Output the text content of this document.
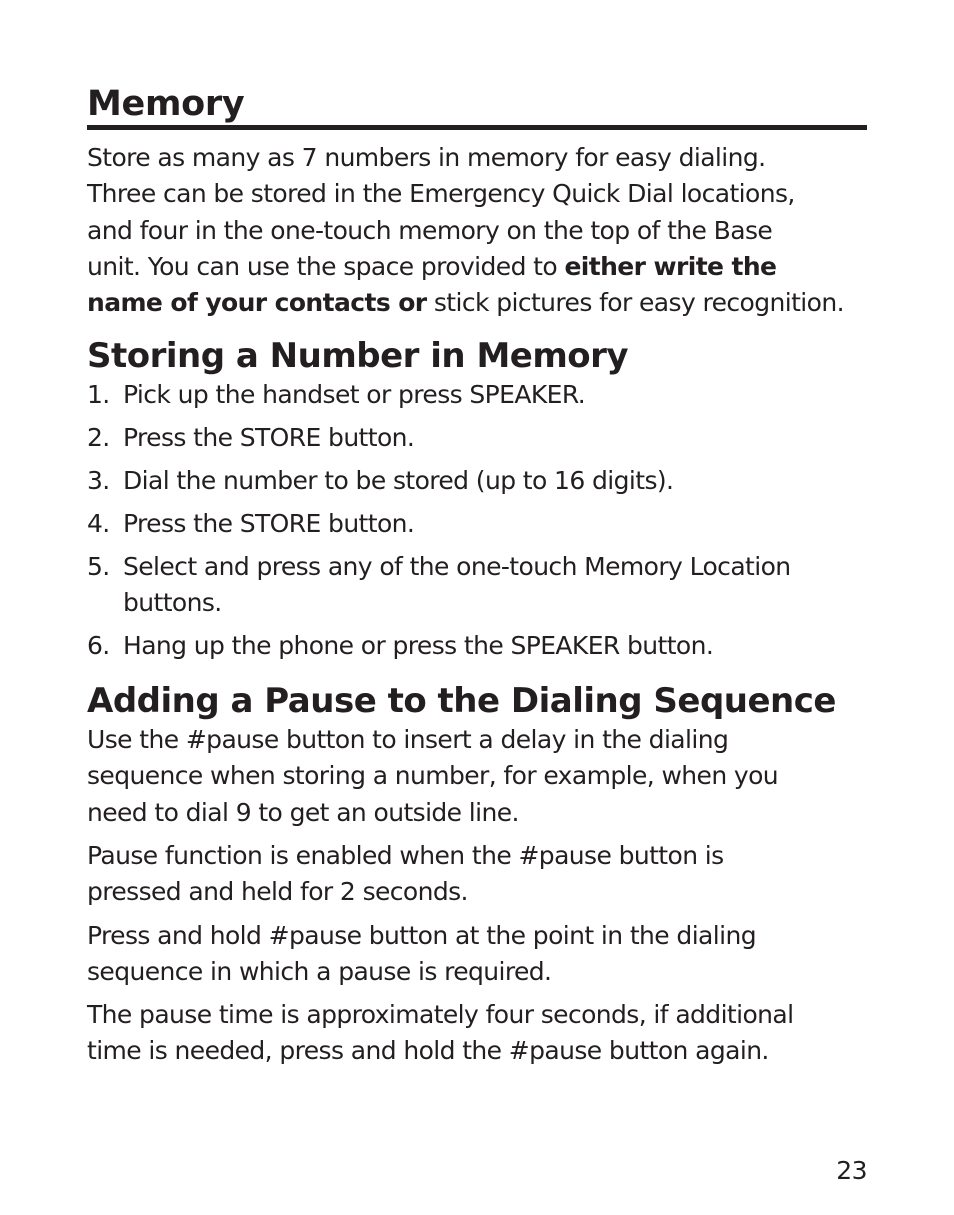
Memory

Store as many as 7 numbers in memory for easy dialing.

Three can be stored in the Emergency Quick Dial locations,

and four in the one-touch memory on the top of the Base

unit. You can use the space provided to either write the

name of your contacts or stick pictures for easy recognition.

Storing a Number in Memory
1. Pick up the handset or press SPEAKER.
2. Press the STORE button.
3. Dial the number to be stored (up to 16 digits).
4. Press the STORE button.
5. Select and press any of the one-touch Memory Location
buttons.
6. Hang up the phone or press the SPEAKER button.
Adding a Pause to the Dialing Sequence

Use the #pause button to insert a delay in the dialing

sequence when storing a number, for example, when you

need to dial 9 to get an outside line.

Pause function is enabled when the #pause button is

pressed and held for 2 seconds.

Press and hold #pause button at the point in the dialing

sequence in which a pause is required.

The pause time is approximately four seconds, if additional

time is needed, press and hold the #pause button again.

23
